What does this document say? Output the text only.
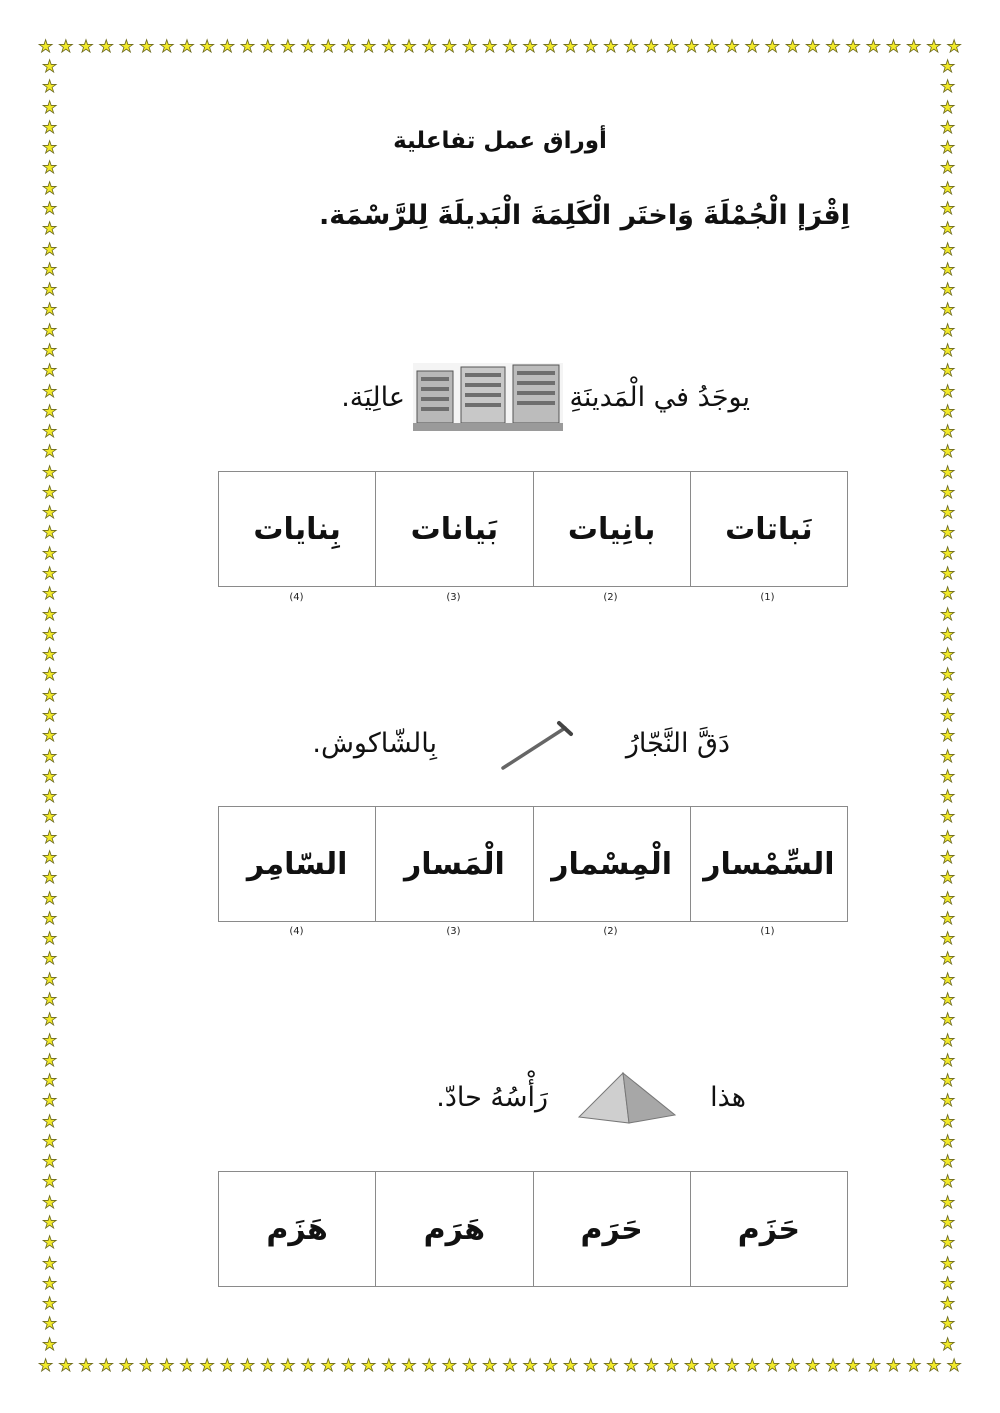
★ ★ ★ ★ ★ ★ ★ ★ ★ ★ ★ ★ ★ ★ ★ ★ ★ ★ ★ ★ ★ ★ ★ ★ ★ ★ ★ ★ ★ ★ ★ ★ ★ ★ ★ ★ ★ ★ ★ ★ ★ ★ ★ ★ ★ ★
★ ★ ★ ★ ★ ★ ★ ★ ★ ★ ★ ★ ★ ★ ★ ★ ★ ★ ★ ★ ★ ★ ★ ★ ★ ★ ★ ★ ★ ★ ★ ★ ★ ★ ★ ★ ★ ★ ★ ★ ★ ★ ★ ★ ★ ★
★
★
★
★
★
★
★
★
★
★
★
★
★
★
★
★
★
★
★
★
★
★
★
★
★
★
★
★
★
★
★
★
★
★
★
★
★
★
★
★
★
★
★
★
★
★
★
★
★
★
★
★
★
★
★
★
★
★
★
★
★
★
★
★
★
★
★
★
★
★
★
★
★
★
★
★
★
★
★
★
★
★
★
★
★
★
★
★
★
★
★
★
★
★
★
★
★
★
★
★
★
★
★
★
★
★
★
★
★
★
★
★
★
★
★
★
★
★
★
★
★
★
★
★
★
★
★
★
أوراق عمل تفاعلية
اِقْرَإ الْجُمْلَةَ وَاختَر الْكَلِمَةَ الْبَديلَةَ لِلرَّسْمَة.
يوجَدُ في الْمَدينَةِ
عالِيَة.
نَباتات
بانِيات
بَيانات
بِنايات
(1)
(2)
(3)
(4)
دَقَّ النَّجّارُ
بِالشّاكوش.
السِّمْسار
الْمِسْمار
الْمَسار
السّامِر
(1)
(2)
(3)
(4)
هذا
رَأْسُهُ حادّ.
حَزَم
حَرَم
هَرَم
هَزَم
